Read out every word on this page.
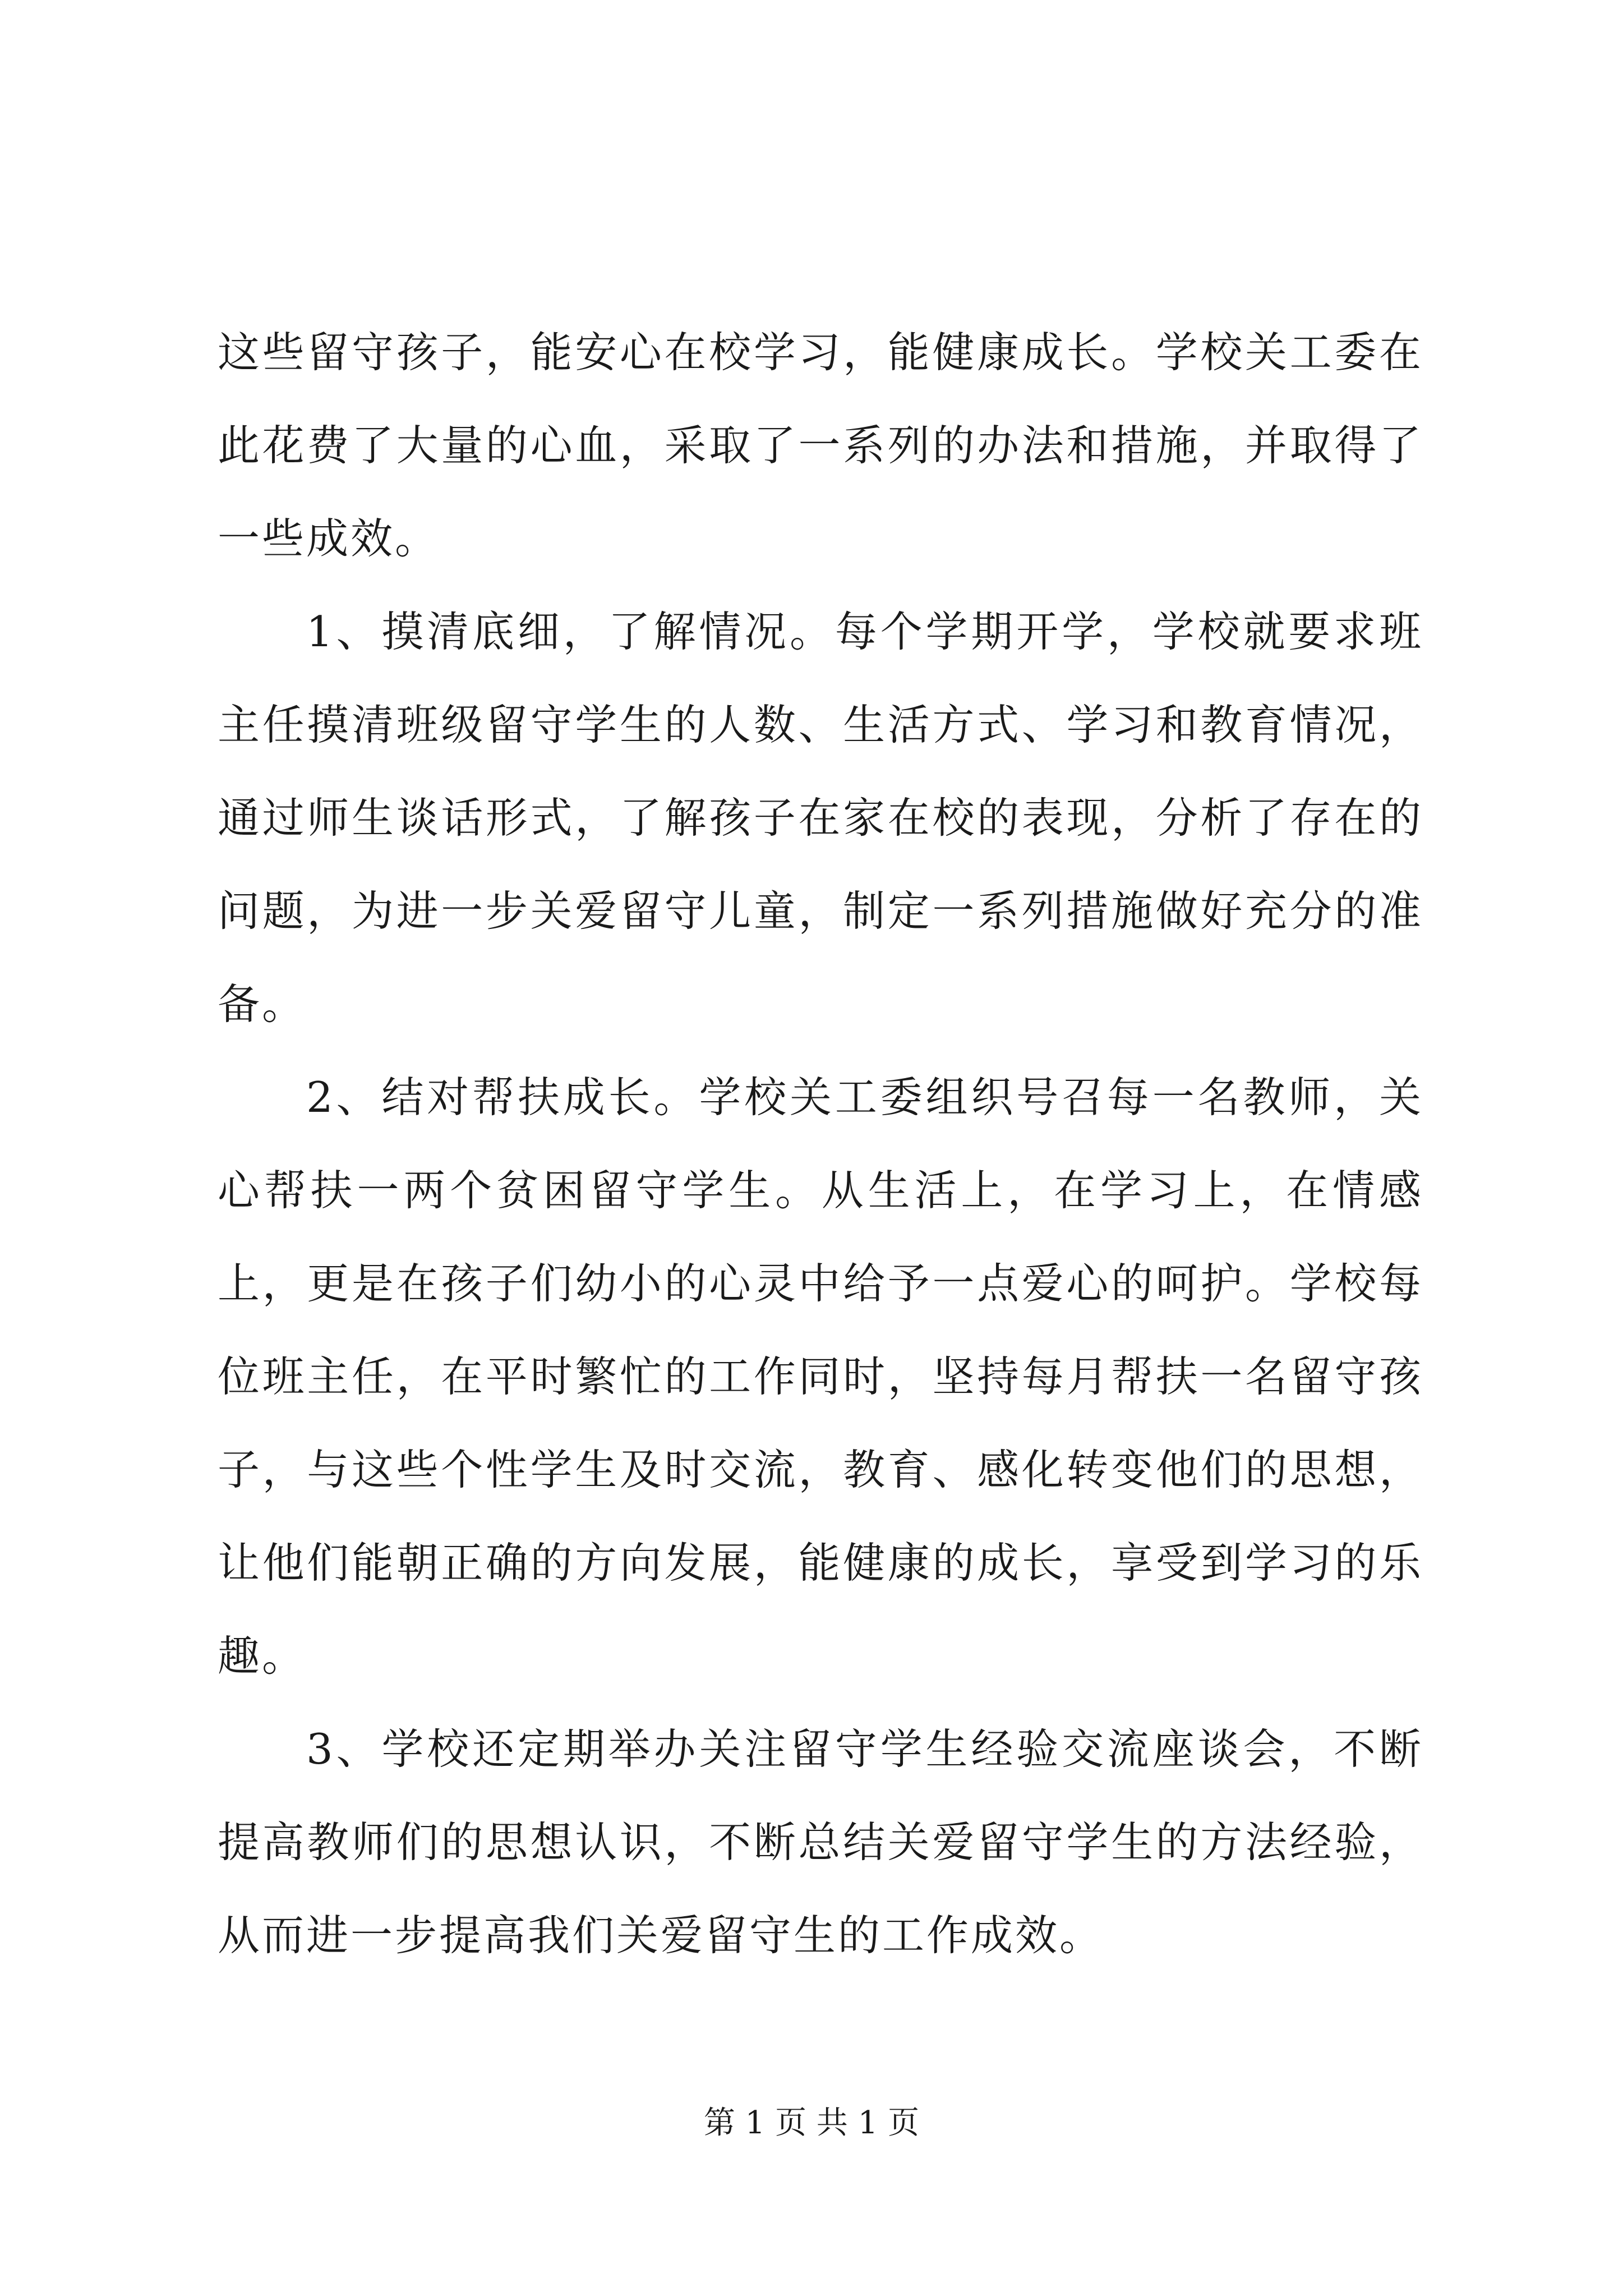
这些留守孩子，能安心在校学习，能健康成长。学校关工委在此花费了大量的心血，采取了一系列的办法和措施，并取得了一些成效。

1、摸清底细，了解情况。每个学期开学，学校就要求班主任摸清班级留守学生的人数、生活方式、学习和教育情况，通过师生谈话形式，了解孩子在家在校的表现，分析了存在的问题，为进一步关爱留守儿童，制定一系列措施做好充分的准备。

2、结对帮扶成长。学校关工委组织号召每一名教师，关心帮扶一两个贫困留守学生。从生活上，在学习上，在情感上，更是在孩子们幼小的心灵中给予一点爱心的呵护。学校每位班主任，在平时繁忙的工作同时，坚持每月帮扶一名留守孩子，与这些个性学生及时交流，教育、感化转变他们的思想，让他们能朝正确的方向发展，能健康的成长，享受到学习的乐趣。

3、学校还定期举办关注留守学生经验交流座谈会，不断提高教师们的思想认识，不断总结关爱留守学生的方法经验，从而进一步提高我们关爱留守生的工作成效。

第 1 页 共 1 页
